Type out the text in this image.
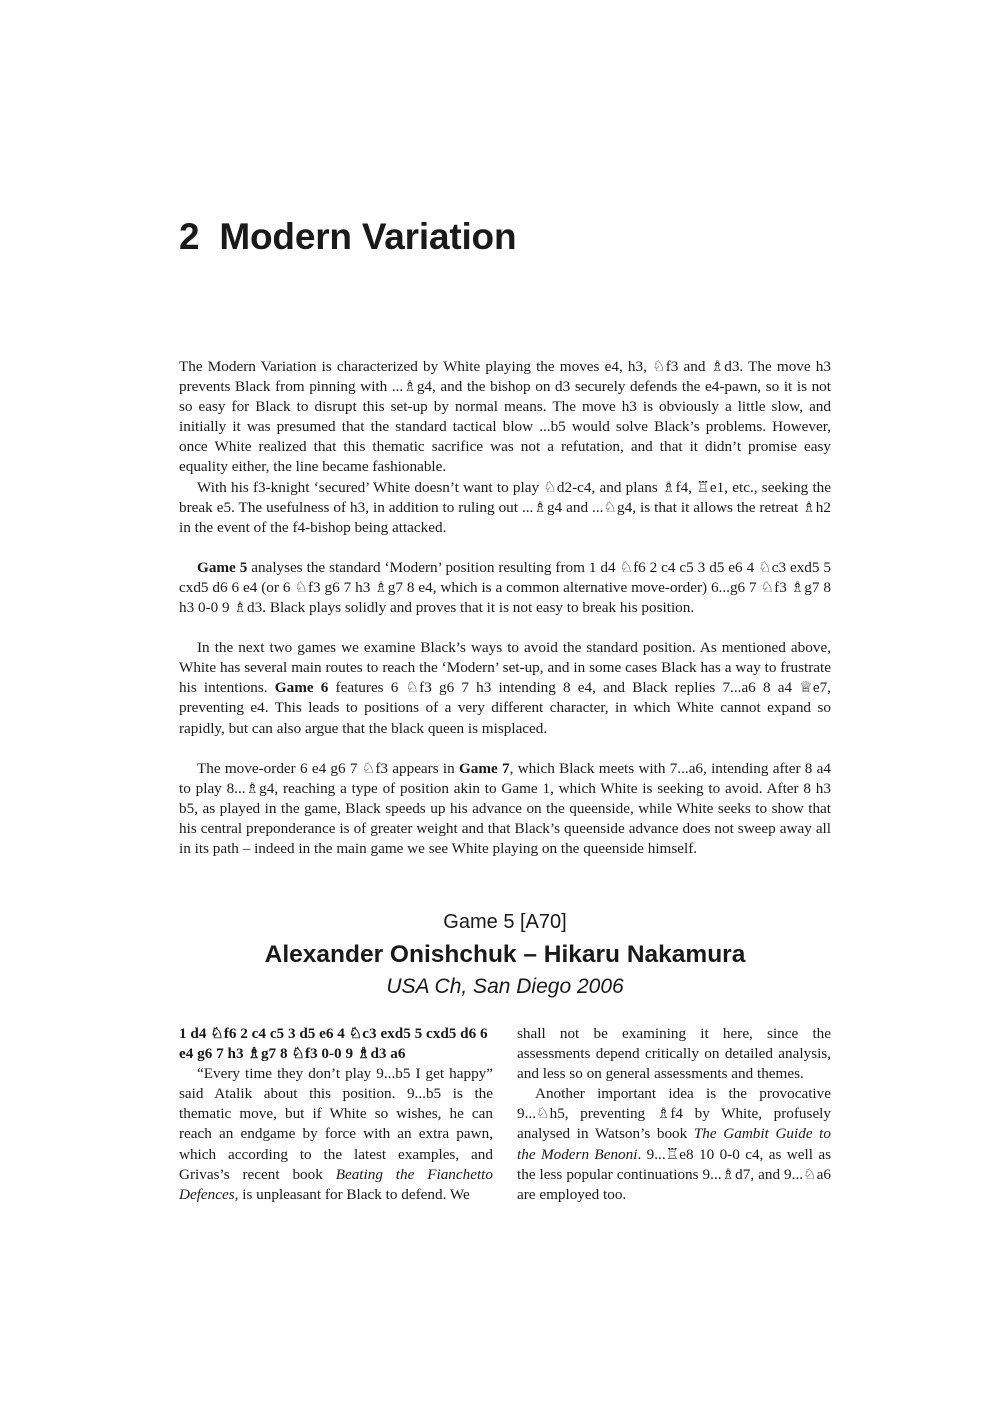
2 Modern Variation

The Modern Variation is characterized by White playing the moves e4, h3, ♘f3 and ♗d3. The move h3 prevents Black from pinning with ...♗g4, and the bishop on d3 securely defends the e4-pawn, so it is not so easy for Black to disrupt this set-up by normal means. The move h3 is obviously a little slow, and initially it was presumed that the standard tactical blow ...b5 would solve Black’s problems. However, once White realized that this thematic sacrifice was not a refutation, and that it didn’t promise easy equality either, the line became fashionable.

With his f3-knight ‘secured’ White doesn’t want to play ♘d2-c4, and plans ♗f4, ♖e1, etc., seeking the break e5. The usefulness of h3, in addition to ruling out ...♗g4 and ...♘g4, is that it allows the retreat ♗h2 in the event of the f4-bishop being attacked.

Game 5 analyses the standard ‘Modern’ position resulting from 1 d4 ♘f6 2 c4 c5 3 d5 e6 4 ♘c3 exd5 5 cxd5 d6 6 e4 (or 6 ♘f3 g6 7 h3 ♗g7 8 e4, which is a common alternative move-order) 6...g6 7 ♘f3 ♗g7 8 h3 0-0 9 ♗d3. Black plays solidly and proves that it is not easy to break his position.

In the next two games we examine Black’s ways to avoid the standard position. As mentioned above, White has several main routes to reach the ‘Modern’ set-up, and in some cases Black has a way to frustrate his intentions. Game 6 features 6 ♘f3 g6 7 h3 intending 8 e4, and Black replies 7...a6 8 a4 ♕e7, preventing e4. This leads to positions of a very different character, in which White cannot expand so rapidly, but can also argue that the black queen is misplaced.

The move-order 6 e4 g6 7 ♘f3 appears in Game 7, which Black meets with 7...a6, intending after 8 a4 to play 8...♗g4, reaching a type of position akin to Game 1, which White is seeking to avoid. After 8 h3 b5, as played in the game, Black speeds up his advance on the queenside, while White seeks to show that his central preponderance is of greater weight and that Black’s queenside advance does not sweep away all in its path – indeed in the main game we see White playing on the queenside himself.

Game 5 [A70]
Alexander Onishchuk – Hikaru Nakamura
USA Ch, San Diego 2006

1 d4 ♘f6 2 c4 c5 3 d5 e6 4 ♘c3 exd5 5 cxd5 d6 6 e4 g6 7 h3 ♗g7 8 ♘f3 0-0 9 ♗d3 a6

“Every time they don’t play 9...b5 I get happy” said Atalik about this position. 9...b5 is the thematic move, but if White so wishes, he can reach an endgame by force with an extra pawn, which according to the latest examples, and Grivas’s recent book Beating the Fianchetto Defences, is unpleasant for Black to defend. We

shall not be examining it here, since the assessments depend critically on detailed analysis, and less so on general assessments and themes.

Another important idea is the provocative 9...♘h5, preventing ♗f4 by White, profusely analysed in Watson’s book The Gambit Guide to the Modern Benoni. 9...♖e8 10 0-0 c4, as well as the less popular continuations 9...♗d7, and 9...♘a6 are employed too.
